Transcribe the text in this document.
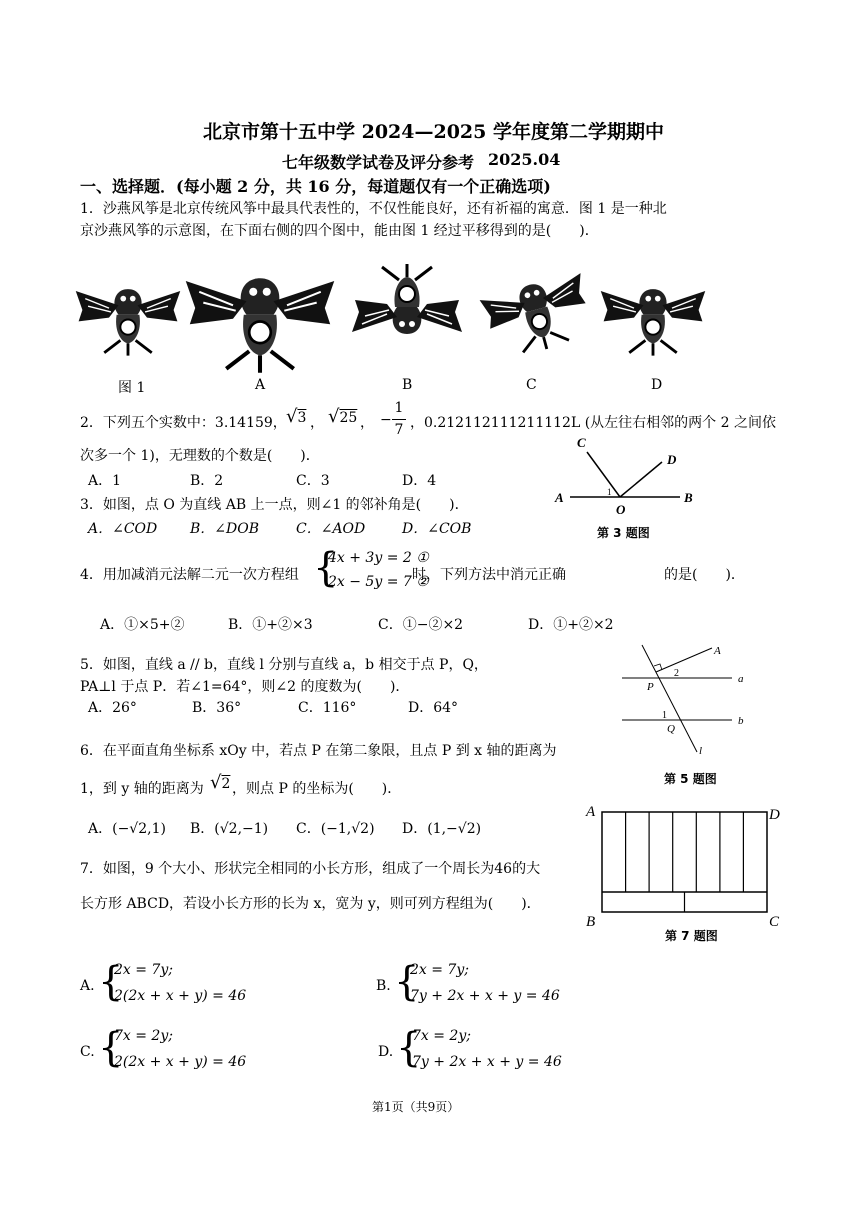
北京市第十五中学 2024—2025 学年度第二学期期中
七年级数学试卷及评分参考 2025.04
一、选择题．(每小题 2 分，共 16 分，每道题仅有一个正确选项)
1．沙燕风筝是北京传统风筝中最具代表性的，不仅性能良好，还有祈福的寓意．图 1 是一种北
京沙燕风筝的示意图，在下面右侧的四个图中，能由图 1 经过平移得到的是(　　)．
图 1	A	B	C	D
2．下列五个实数中：3.14159， √3 ， √25 ， −
1
7 ，0.212112111211112L (从左往右相邻的两个 2 之间依
次多一个 1)，无理数的个数是(　　)．
A．1	B．2	C．3	D．4
A	B
C
D
O
1
第 3 题图
3．如图，点 O 为直线 AB 上一点，则∠1 的邻补角是(　　)．
A．∠COD B．∠DOB	C．∠AOD	D．∠COB
4．用加减消元法解二元一次方程组 {
4x + 3y = 2 ①
2x − 5y = 7 ②
时，下列方法中消元正确	的是(　　)．
A．①×5+②	B．①+②×3	C．①−②×2	D．①+②×2
A
P
Q
a
b
l
1
2
第 5 题图
5．如图，直线 a // b，直线 l 分别与直线 a，b 相交于点 P，Q，
PA⊥l 于点 P．若∠1=64°，则∠2 的度数为(　　)．
A．26°	B．36°	C．116°	D．64°
6．在平面直角坐标系 xOy 中，若点 P 在第二象限，且点 P 到 x 轴的距离为
1，到 y 轴的距离为 √2 ，则点 P 的坐标为(　　)．
A．(−√2,1) B．(√2,−1) C．(−1,√2) D．(1,−√2)
A	D
B	C
第 7 题图
7．如图，9 个大小、形状完全相同的小长方形，组成了一个周长为46的大
长方形 ABCD，若设小长方形的长为 x，宽为 y，则可列方程组为(　　)．
A. {
2x = 7y;
2(2x + x + y) = 46
B. {
2x = 7y;
7y + 2x + x + y = 46
C. {
7x = 2y;
2(2x + x + y) = 46
D. {
7x = 2y;
7y + 2x + x + y = 46
第1页（共9页）
